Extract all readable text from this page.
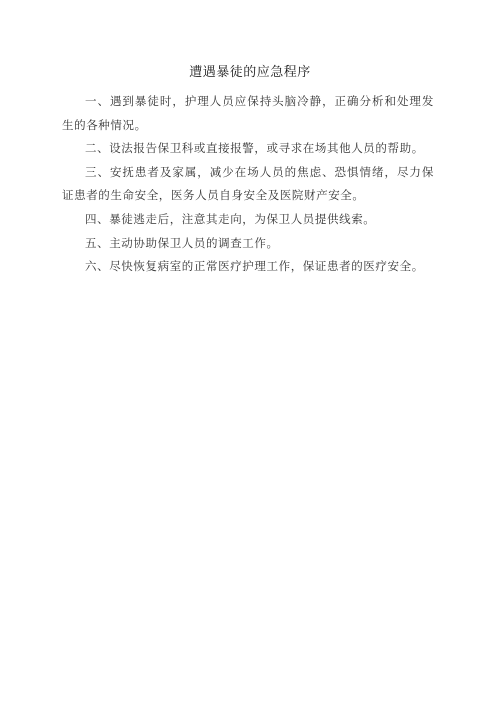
遭遇暴徒的应急程序

一、遇到暴徒时，护理人员应保持头脑冷静，正确分析和处理发生的各种情况。

二、设法报告保卫科或直接报警，或寻求在场其他人员的帮助。

三、安抚患者及家属，减少在场人员的焦虑、恐惧情绪，尽力保证患者的生命安全，医务人员自身安全及医院财产安全。

四、暴徒逃走后，注意其走向，为保卫人员提供线索。

五、主动协助保卫人员的调查工作。

六、尽快恢复病室的正常医疗护理工作，保证患者的医疗安全。
